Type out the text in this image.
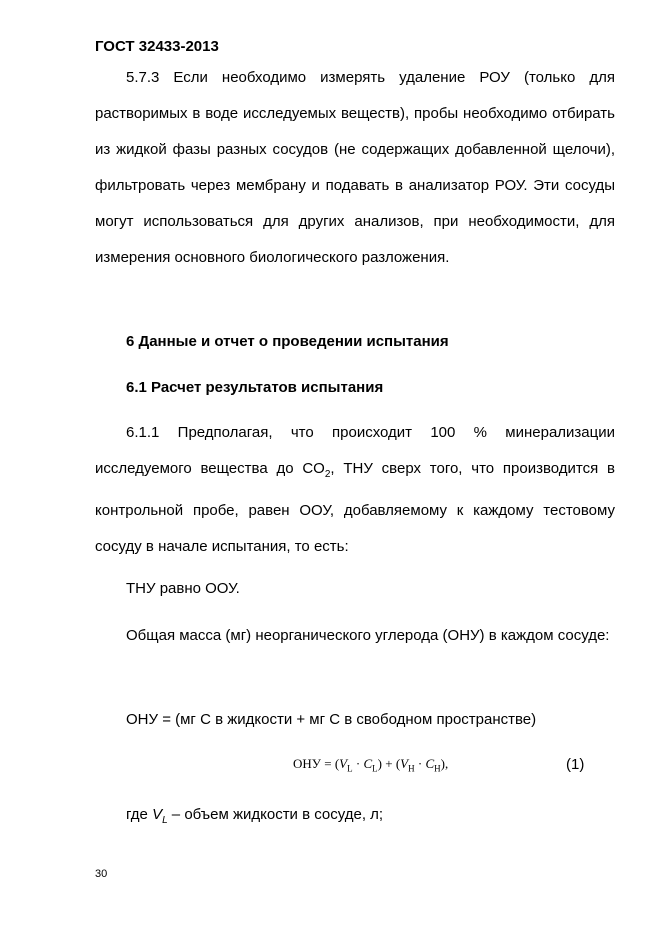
ГОСТ 32433-2013

5.7.3 Если необходимо измерять удаление РОУ (только для растворимых в воде исследуемых веществ), пробы необходимо отбирать из жидкой фазы разных сосудов (не содержащих добавленной щелочи), фильтровать через мембрану и подавать в анализатор РОУ. Эти сосуды могут использоваться для других анализов, при необходимости, для измерения основного биологического разложения.

6 Данные и отчет о проведении испытания

6.1 Расчет результатов испытания

6.1.1 Предполагая, что происходит 100 % минерализации исследуемого вещества до $CO_2$, ТНУ сверх того, что производится в контрольной пробе, равен ООУ, добавляемому к каждому тестовому сосуду в начале испытания, то есть:

ТНУ равно ООУ.

Общая масса (мг) неорганического углерода (ОНУ) в каждом сосуде:

ОНУ = (мг С в жидкости + мг С в свободном пространстве)

ОНУ = $(V_L \cdot C_L) + (V_H \cdot C_H)$,	(1)

где $V_L$ – объем жидкости в сосуде, л;

30
